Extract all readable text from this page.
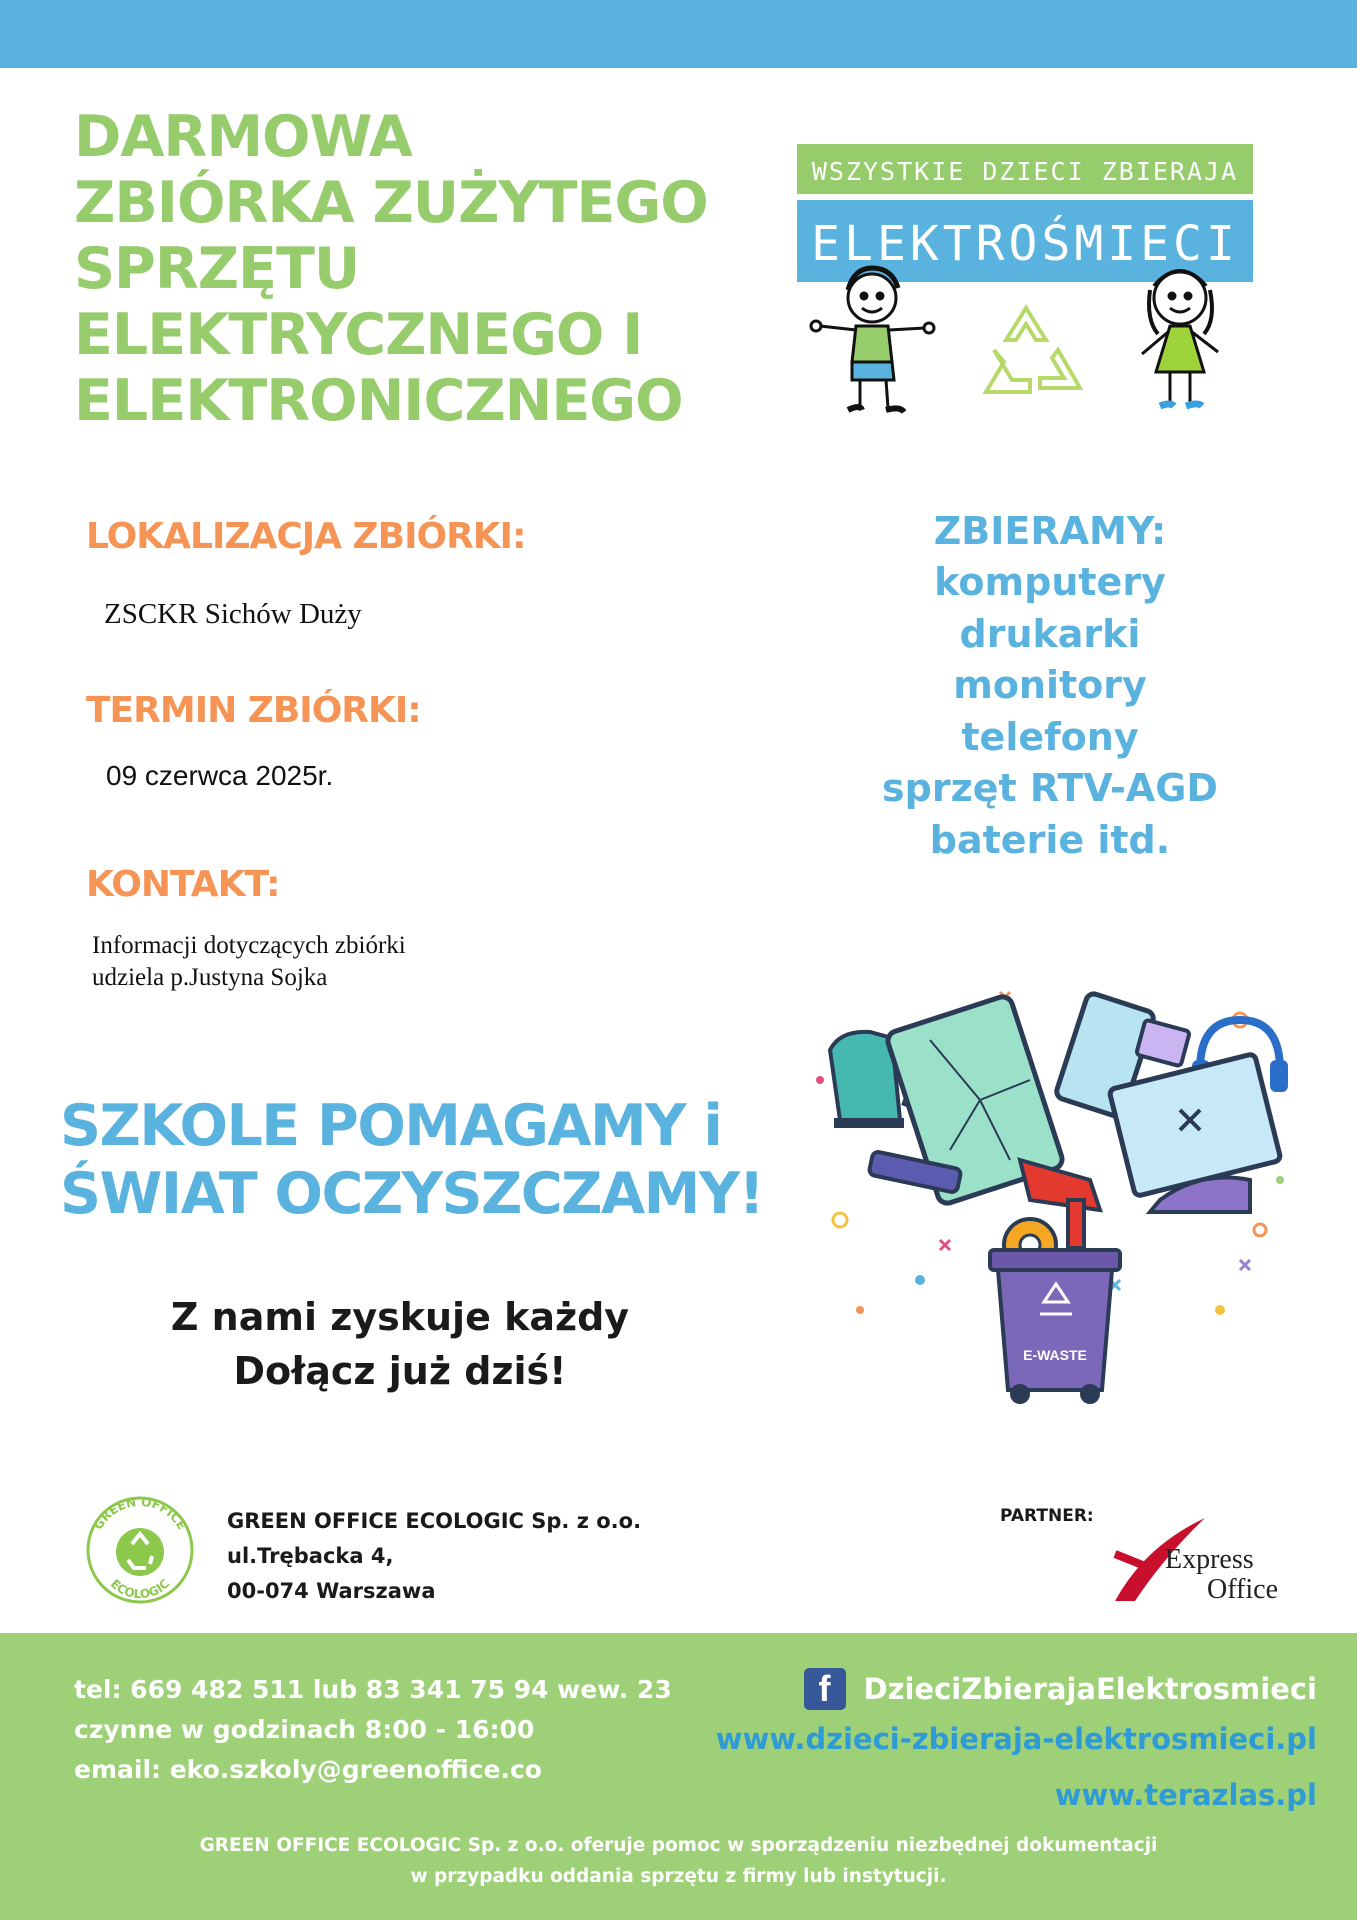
DARMOWA
ZBIÓRKA ZUŻYTEGO
SPRZĘTU
ELEKTRYCZNEGO I
ELEKTRONICZNEGO
WSZYSTKIE DZIECI ZBIERAJA
ELEKTROŚMIECI
LOKALIZACJA ZBIÓRKI:
ZSCKR Sichów Duży
TERMIN ZBIÓRKI:
09 czerwca 2025r.
KONTAKT:
Informacji dotyczących zbiórki
udziela p.Justyna Sojka
ZBIERAMY:
komputery
drukarki
monitory
telefony
sprzęt RTV-AGD
baterie itd.
SZKOLE POMAGAMY i
ŚWIAT OCZYSZCZAMY!
Z nami zyskuje każdy
Dołącz już dziś!	E-WASTE
GREEN OFFICE
ECOLOGIC
GREEN OFFICE ECOLOGIC Sp. z o.o.
ul.Trębacka 4,
00-074 Warszawa
PARTNER:
Express
Office
tel: 669 482 511 lub 83 341 75 94 wew. 23
czynne w godzinach 8:00 - 16:00
email: eko.szkoly@greenoffice.co
f	DzieciZbierajaElektrosmieci
www.dzieci-zbieraja-elektrosmieci.pl
www.terazlas.pl
GREEN OFFICE ECOLOGIC Sp. z o.o. oferuje pomoc w sporządzeniu niezbędnej dokumentacji
w przypadku oddania sprzętu z firmy lub instytucji.
